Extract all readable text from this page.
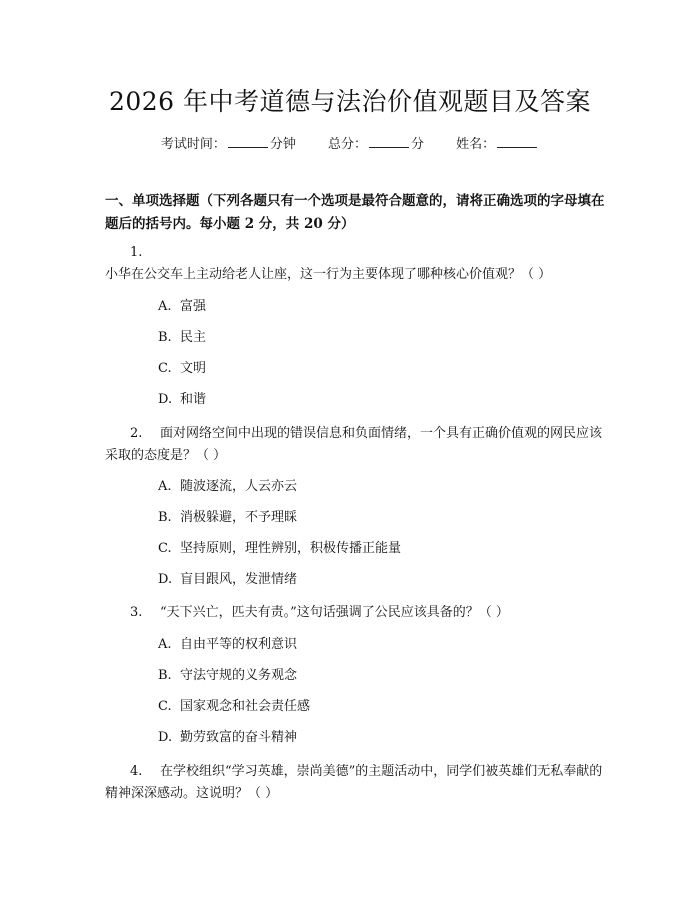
2026 年中考道德与法治价值观题目及答案
考试时间：	分钟 总分：	分 姓名：
一、单项选择题（下列各题只有一个选项是最符合题意的，请将正确选项的字母填在题后的括号内。每小题 2 分，共 20 分）
1.小华在公交车上主动给老人让座，这一行为主要体现了哪种核心价值观？（ ）
A. 富强
B. 民主
C. 文明
D. 和谐
2. 面对网络空间中出现的错误信息和负面情绪，一个具有正确价值观的网民应该采取的态度是？（ ）
A. 随波逐流，人云亦云
B. 消极躲避，不予理睬
C. 坚持原则，理性辨别，积极传播正能量
D. 盲目跟风，发泄情绪
3. “天下兴亡，匹夫有责。”这句话强调了公民应该具备的？（ ）
A. 自由平等的权利意识
B. 守法守规的义务观念
C. 国家观念和社会责任感
D. 勤劳致富的奋斗精神
4. 在学校组织“学习英雄，崇尚美德”的主题活动中，同学们被英雄们无私奉献的精神深深感动。这说明？（ ）
